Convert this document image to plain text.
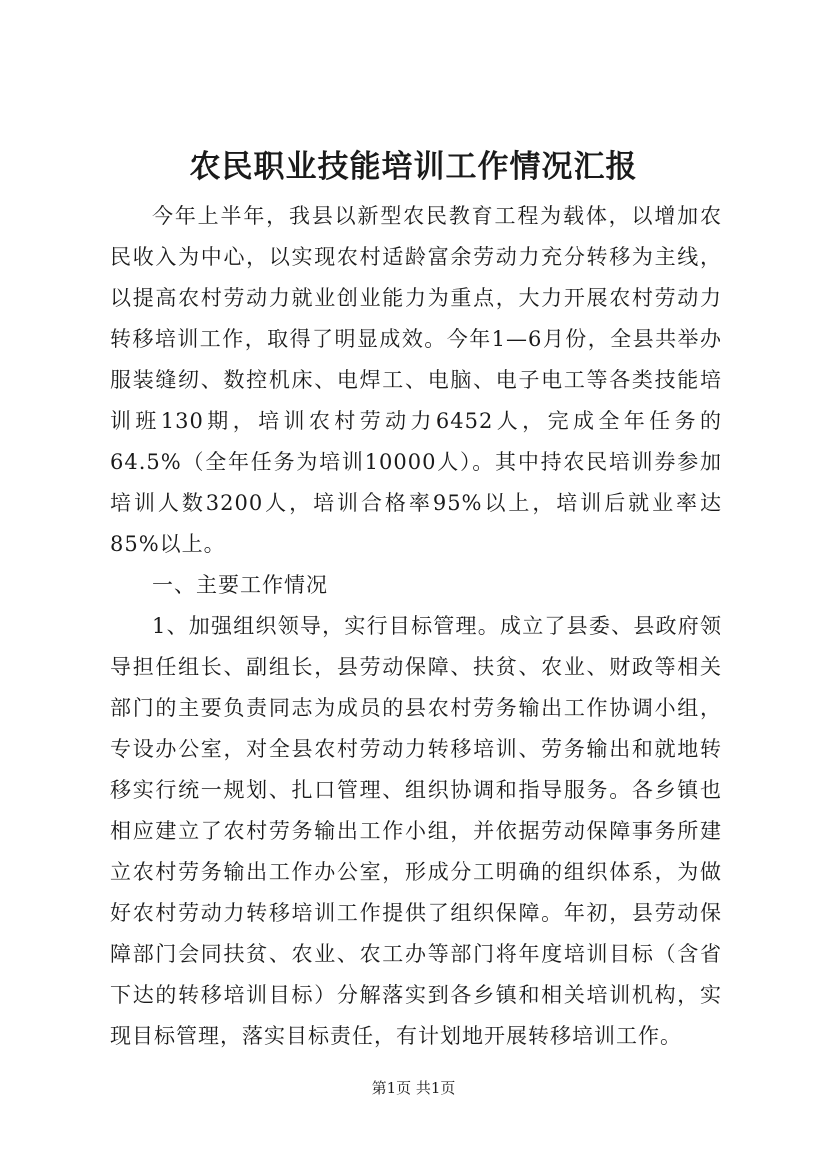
农民职业技能培训工作情况汇报

今年上半年，我县以新型农民教育工程为载体，以增加农民收入为中心，以实现农村适龄富余劳动力充分转移为主线，以提高农村劳动力就业创业能力为重点，大力开展农村劳动力转移培训工作，取得了明显成效。今年1—6月份，全县共举办服装缝纫、数控机床、电焊工、电脑、电子电工等各类技能培训班130期，培训农村劳动力6452人，完成全年任务的64.5%（全年任务为培训10000人）。其中持农民培训券参加培训人数3200人，培训合格率95%以上，培训后就业率达85%以上。

一、主要工作情况

1、加强组织领导，实行目标管理。成立了县委、县政府领导担任组长、副组长，县劳动保障、扶贫、农业、财政等相关部门的主要负责同志为成员的县农村劳务输出工作协调小组，专设办公室，对全县农村劳动力转移培训、劳务输出和就地转移实行统一规划、扎口管理、组织协调和指导服务。各乡镇也相应建立了农村劳务输出工作小组，并依据劳动保障事务所建立农村劳务输出工作办公室，形成分工明确的组织体系，为做好农村劳动力转移培训工作提供了组织保障。年初，县劳动保障部门会同扶贫、农业、农工办等部门将年度培训目标（含省下达的转移培训目标）分解落实到各乡镇和相关培训机构，实现目标管理，落实目标责任，有计划地开展转移培训工作。

第1页 共1页
